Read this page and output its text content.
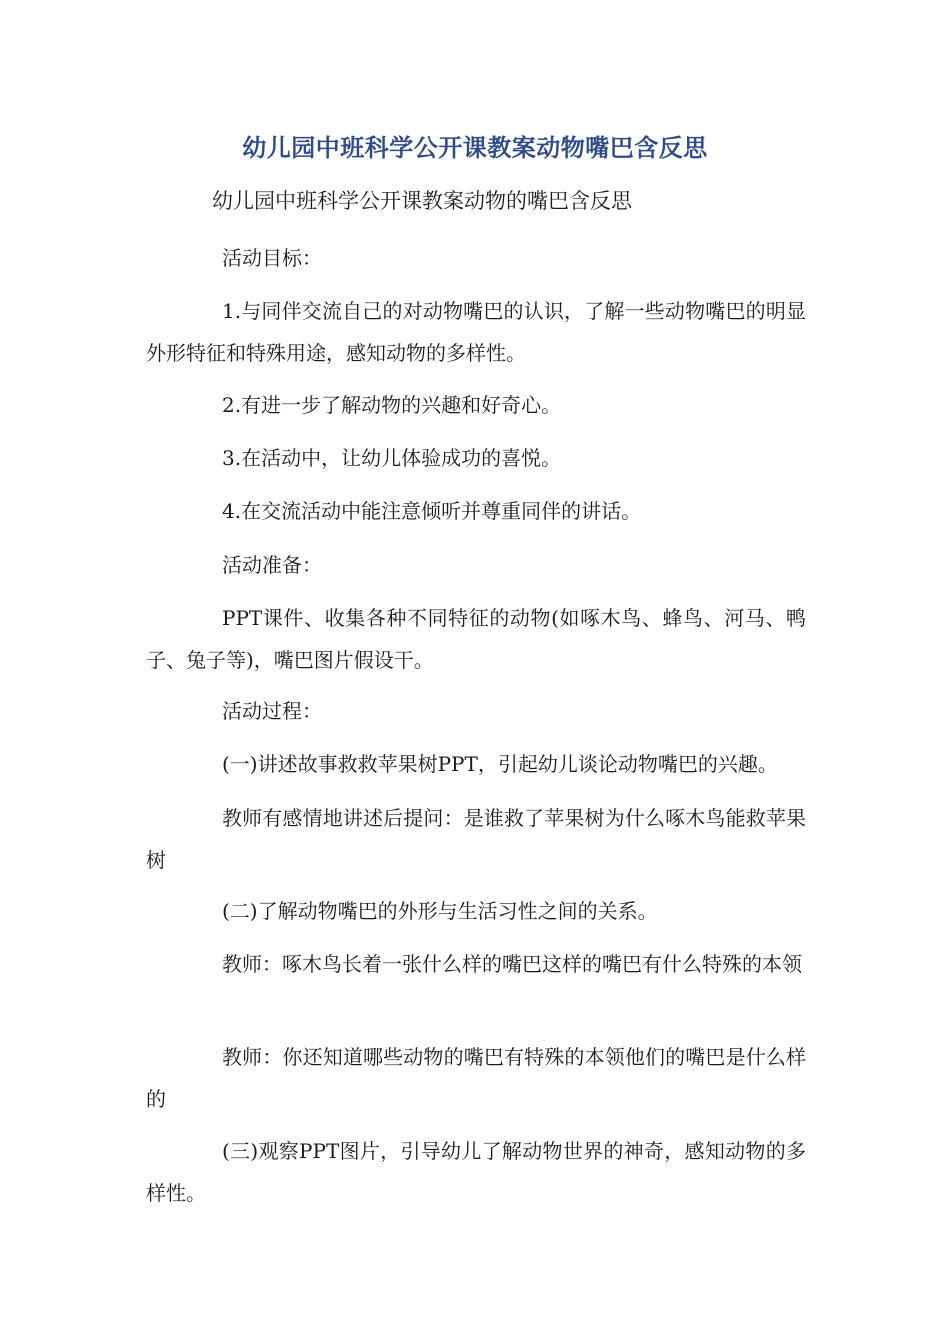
幼儿园中班科学公开课教案动物嘴巴含反思
幼儿园中班科学公开课教案动物的嘴巴含反思

活动目标：

1.与同伴交流自己的对动物嘴巴的认识，了解一些动物嘴巴的明显外形特征和特殊用途，感知动物的多样性。

2.有进一步了解动物的兴趣和好奇心。

3.在活动中，让幼儿体验成功的喜悦。

4.在交流活动中能注意倾听并尊重同伴的讲话。

活动准备：

PPT课件、收集各种不同特征的动物(如啄木鸟、蜂鸟、河马、鸭子、兔子等)，嘴巴图片假设干。

活动过程：

(一)讲述故事救救苹果树PPT，引起幼儿谈论动物嘴巴的兴趣。

教师有感情地讲述后提问：是谁救了苹果树为什么啄木鸟能救苹果树

(二)了解动物嘴巴的外形与生活习性之间的关系。

教师：啄木鸟长着一张什么样的嘴巴这样的嘴巴有什么特殊的本领

教师：你还知道哪些动物的嘴巴有特殊的本领他们的嘴巴是什么样的

(三)观察PPT图片，引导幼儿了解动物世界的神奇，感知动物的多样性。
